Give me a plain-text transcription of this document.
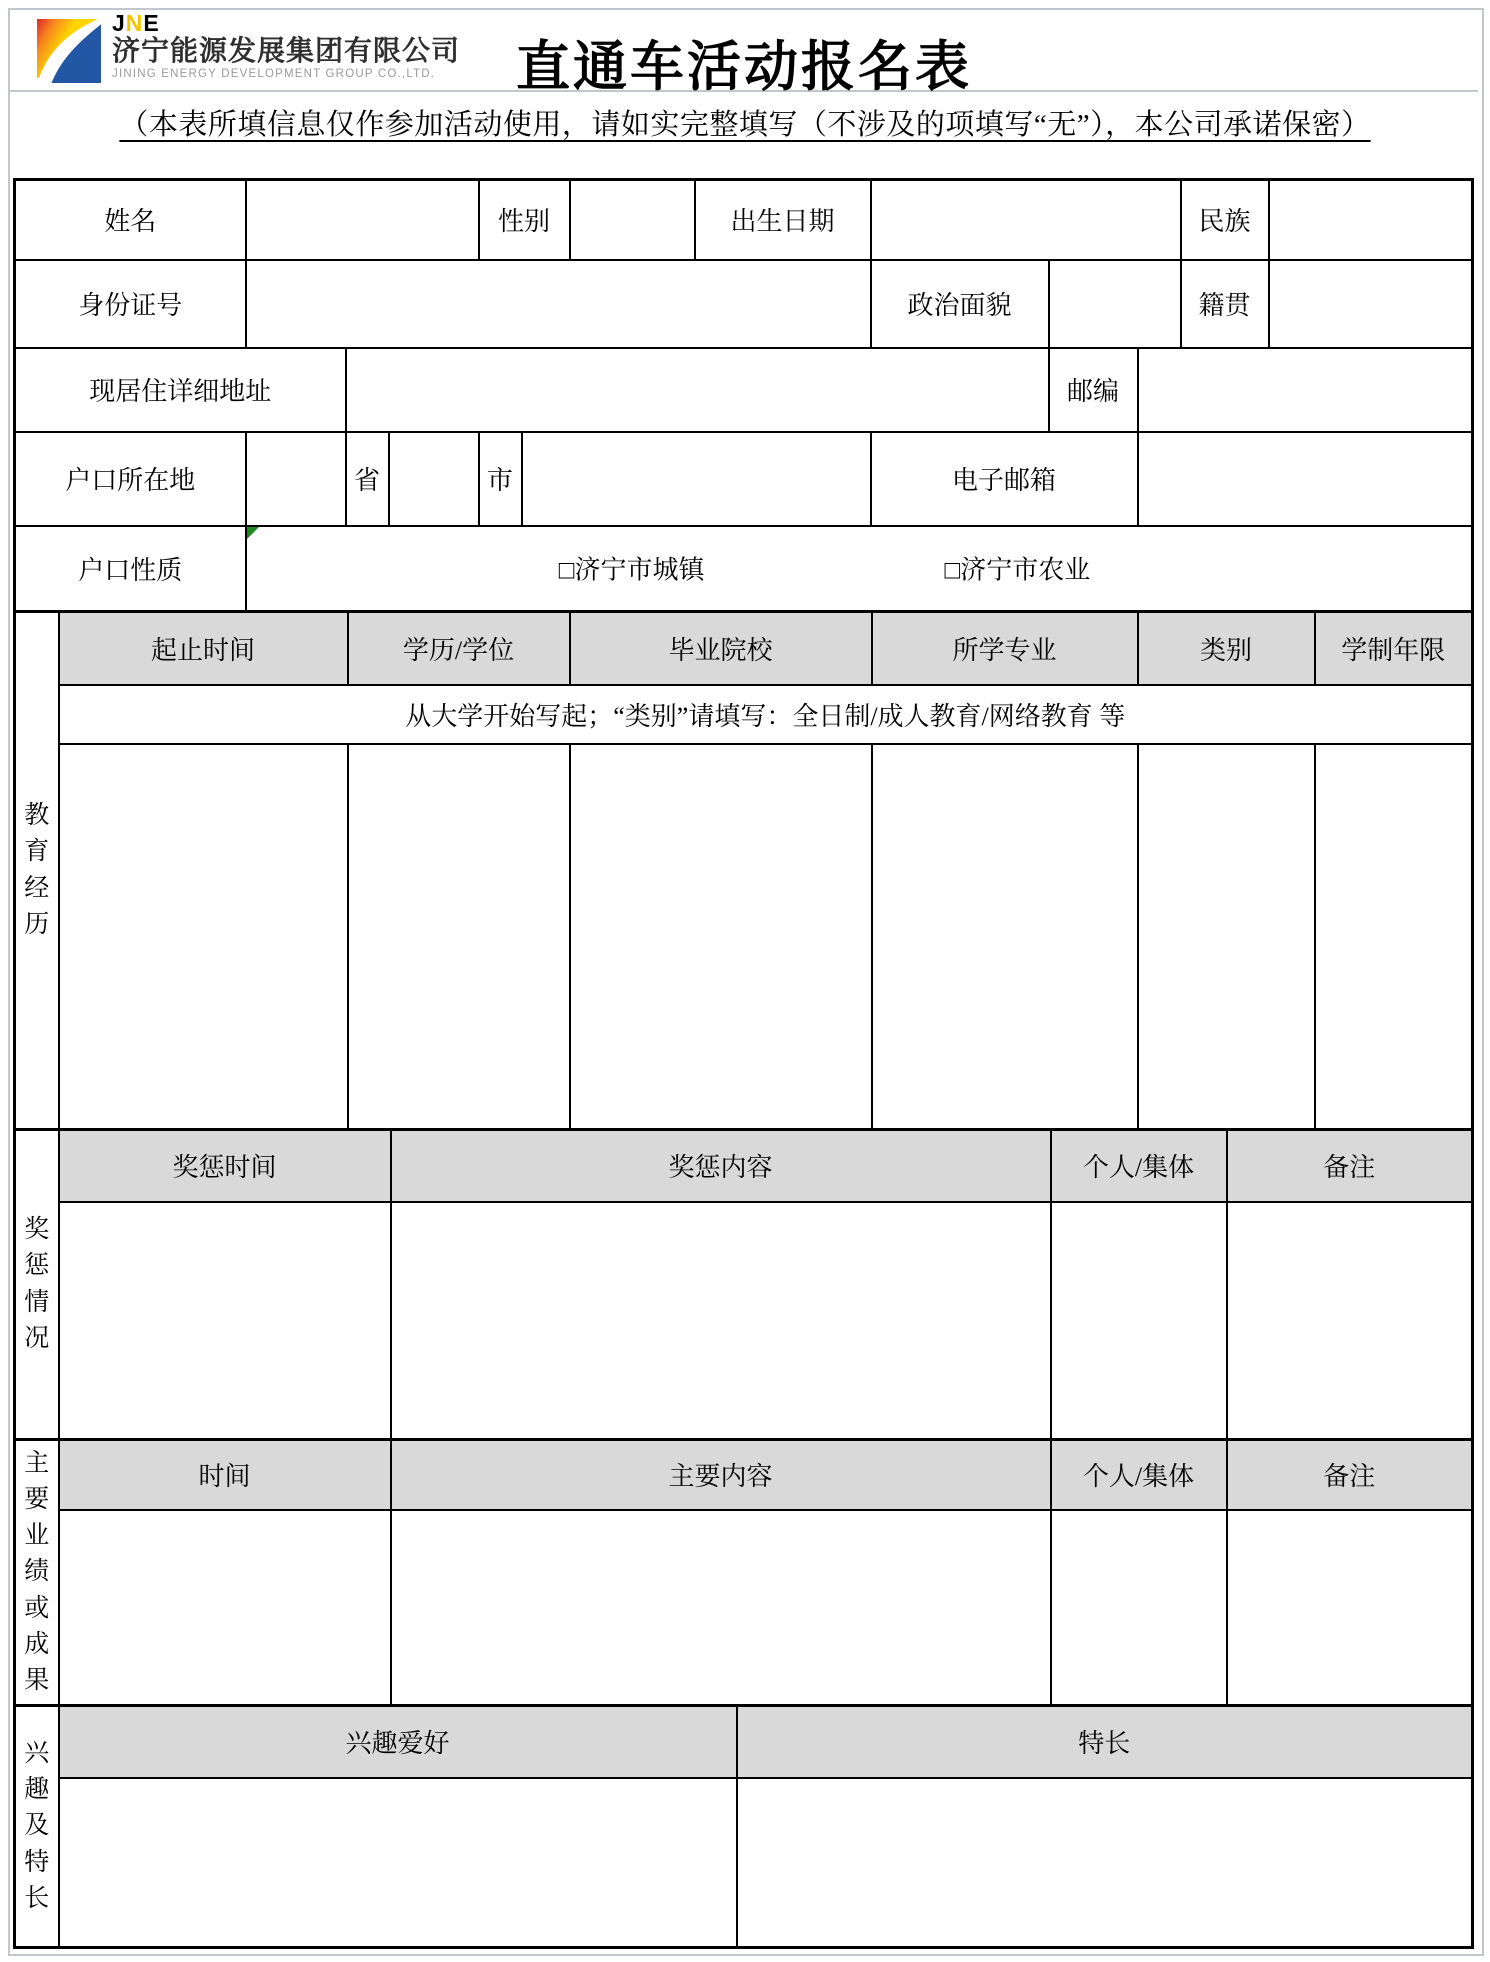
JNE
济宁能源发展集团有限公司
JINING ENERGY DEVELOPMENT GROUP CO.,LTD.	直通车活动报名表
（本表所填信息仅作参加活动使用，请如实完整填写（不涉及的项填写“无”），本公司承诺保密）
姓名				性别			出生日期				民族	
身份证号								政治面貌			籍贯	
现居住详细地址									邮编			
户口所在地		省		市				电子邮箱				
户口性质	□济宁市城镇 □济宁市农业											
教育经历	起止时间	学历/学位	毕业院校	所学专业	类别	学制年限
	从大学开始写起；“类别”请填写：全日制/成人教育/网络教育 等					

奖惩情况	奖惩时间	奖惩内容	个人/集体	备注

主要业绩或成果	时间	主要内容	个人/集体	备注

兴趣及特长	兴趣爱好	特长
